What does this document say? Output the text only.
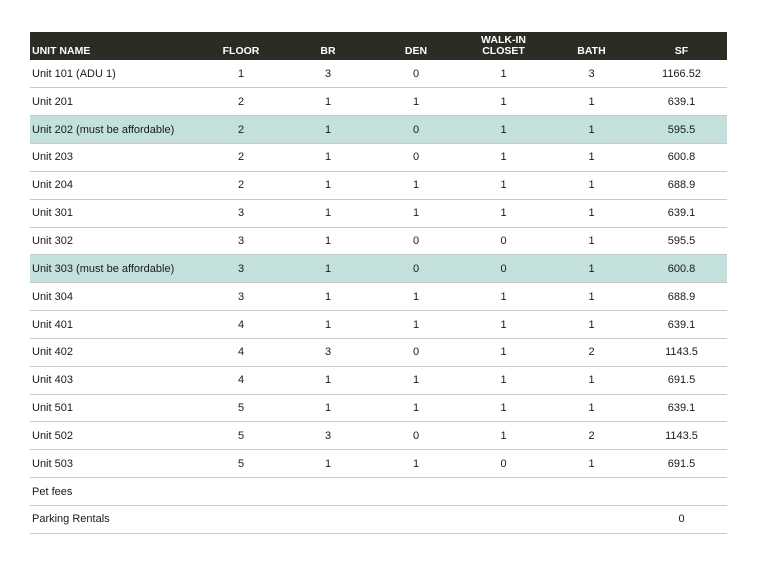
UNIT NAME	FLOOR	BR	DEN	WALK-IN CLOSET	BATH	SF
Unit 101 (ADU 1)	1	3	0	1	3	1166.52
Unit 201	2	1	1	1	1	639.1
Unit 202 (must be affordable)	2	1	0	1	1	595.5
Unit 203	2	1	0	1	1	600.8
Unit 204	2	1	1	1	1	688.9
Unit 301	3	1	1	1	1	639.1
Unit 302	3	1	0	0	1	595.5
Unit 303 (must be affordable)	3	1	0	0	1	600.8
Unit 304	3	1	1	1	1	688.9
Unit 401	4	1	1	1	1	639.1
Unit 402	4	3	0	1	2	1143.5
Unit 403	4	1	1	1	1	691.5
Unit 501	5	1	1	1	1	639.1
Unit 502	5	3	0	1	2	1143.5
Unit 503	5	1	1	0	1	691.5
Pet fees						
Parking Rentals						0
